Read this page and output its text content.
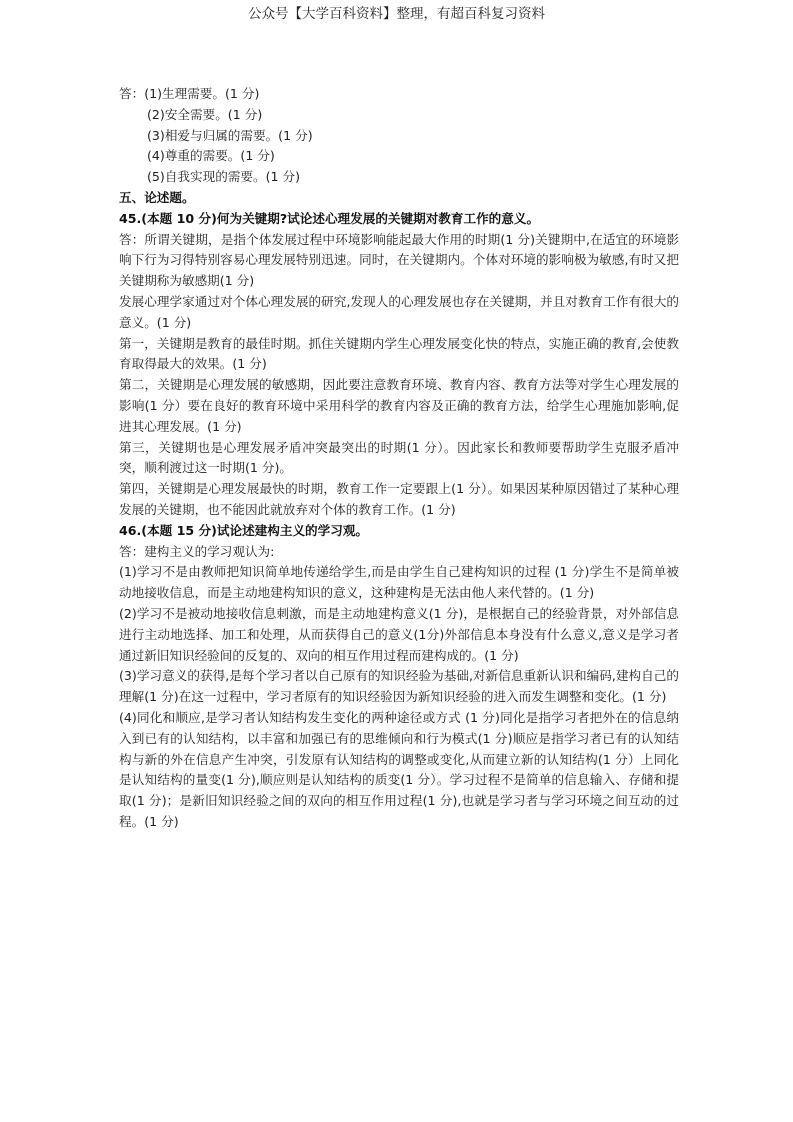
公众号【大学百科资料】整理，有超百科复习资料

答：(1)生理需要。(1 分)

(2)安全需要。(1 分)

(3)相爱与归属的需要。(1 分)

(4)尊重的需要。(1 分)

(5)自我实现的需要。(1 分)

五、论述题。

45.(本题 10 分)何为关键期?试论述心理发展的关键期对教育工作的意义。

答：所谓关键期，是指个体发展过程中环境影响能起最大作用的时期(1 分)关键期中,在适宜的环境影响下行为习得特别容易心理发展特别迅速。同时，在关键期内。个体对环境的影响极为敏感,有时又把关键期称为敏感期(1 分)

发展心理学家通过对个体心理发展的研究,发现人的心理发展也存在关键期，并且对教育工作有很大的意义。(1 分)

第一，关键期是教育的最佳时期。抓住关键期内学生心理发展变化快的特点，实施正确的教育,会使教育取得最大的效果。(1 分)

第二，关键期是心理发展的敏感期，因此要注意教育环境、教育内容、教育方法等对学生心理发展的影响(1 分）要在良好的教育环境中采用科学的教育内容及正确的教育方法，给学生心理施加影响,促进其心理发展。(1 分)

第三，关键期也是心理发展矛盾冲突最突出的时期(1 分）。因此家长和教师要帮助学生克服矛盾冲突，顺利渡过这一时期(1 分)。

第四，关键期是心理发展最快的时期，教育工作一定要跟上(1 分）。如果因某种原因错过了某种心理发展的关键期，也不能因此就放弃对个体的教育工作。(1 分)

46.(本题 15 分)试论述建构主义的学习观。

答：建构主义的学习观认为:

(1)学习不是由教师把知识简单地传递给学生,而是由学生自己建构知识的过程 (1 分)学生不是简单被动地接收信息，而是主动地建构知识的意义，这种建构是无法由他人来代替的。(1 分)

(2)学习不是被动地接收信息刺激，而是主动地建构意义(1 分)，是根据自己的经验背景，对外部信息进行主动地选择、加工和处理，从而获得自己的意义(1分)外部信息本身没有什么意义,意义是学习者通过新旧知识经验间的反复的、双向的相互作用过程而建构成的。(1 分)

(3)学习意义的获得,是每个学习者以自己原有的知识经验为基础,对新信息重新认识和编码,建构自己的理解(1 分)在这一过程中，学习者原有的知识经验因为新知识经验的进入而发生调整和变化。(1 分)

(4)同化和顺应,是学习者认知结构发生变化的两种途径或方式 (1 分)同化是指学习者把外在的信息纳入到已有的认知结构，以丰富和加强已有的思维倾向和行为模式(1 分)顺应是指学习者已有的认知结构与新的外在信息产生冲突，引发原有认知结构的调整或变化,从而建立新的认知结构(1 分）上同化是认知结构的量变(1 分),顺应则是认知结构的质变(1 分）。学习过程不是简单的信息输入、存储和提取(1 分)；是新旧知识经验之间的双向的相互作用过程(1 分),也就是学习者与学习环境之间互动的过程。(1 分)
